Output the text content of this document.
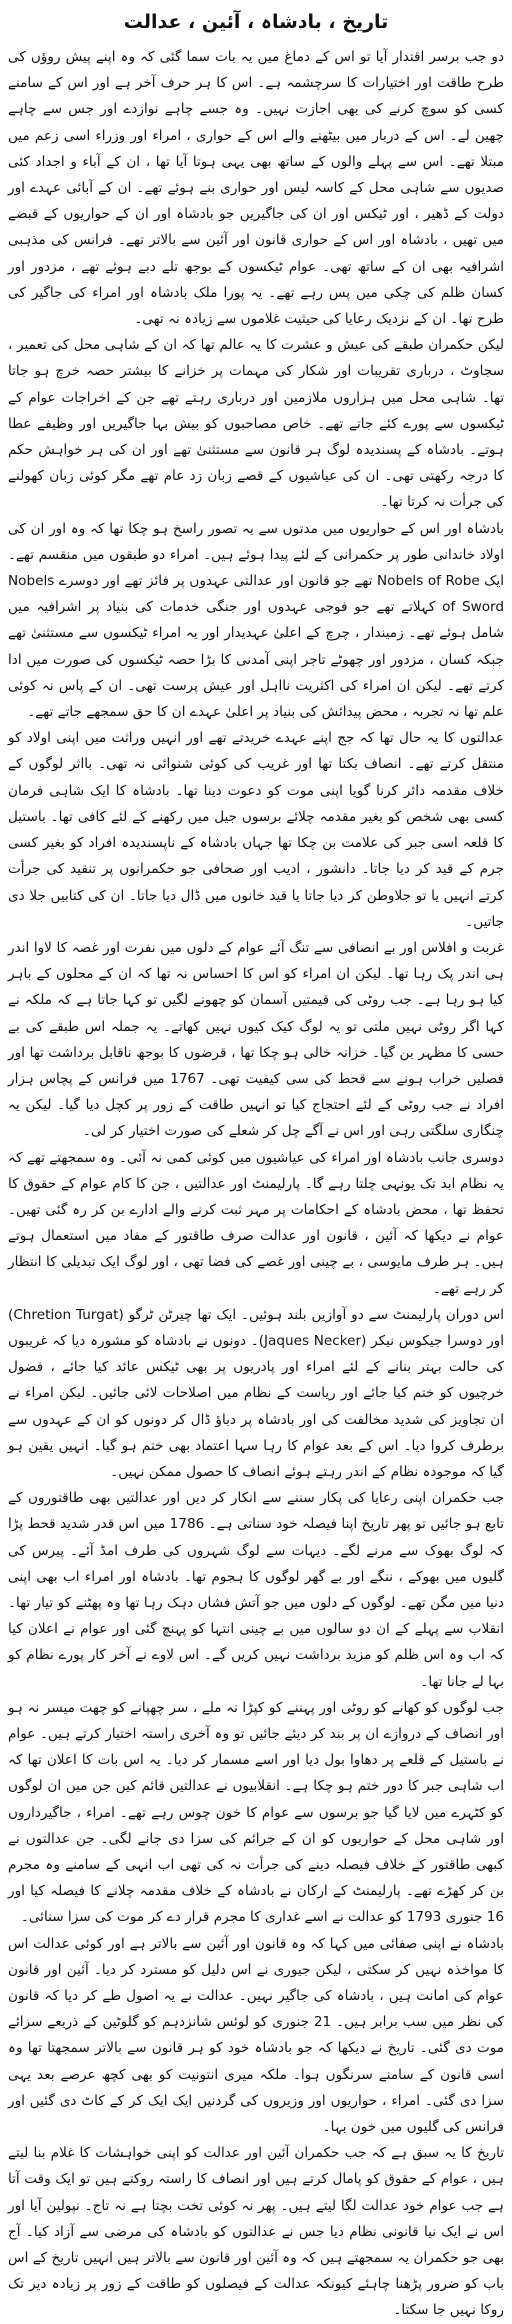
تاریخ ، بادشاہ ، آئین ، عدالت

دو جب برسر اقتدار آیا تو اس کے دماغ میں یہ بات سما گئی کہ وہ اپنے پیش روؤں کی طرح طاقت اور اختیارات کا سرچشمہ ہے۔ اس کا ہر حرف آخر ہے اور اس کے سامنے کسی کو سوچ کرنے کی بھی اجازت نہیں۔ وہ جسے چاہے نوازدے اور جس سے چاہے چھین لے۔ اس کے دربار میں بیٹھنے والے اس کے حواری ، امراء اور وزراء اسی زعم میں مبتلا تھے۔ اس سے پہلے والوں کے ساتھ بھی یہی ہوتا آیا تھا ، ان کے آباء و اجداد کئی صدیوں سے شاہی محل کے کاسہ لیس اور حواری بنے ہوئے تھے۔ ان کے آبائی عہدے اور دولت کے ڈھیر ، اور ٹیکس اور ان کی جاگیریں جو بادشاہ اور ان کے حواریوں کے قبضے میں تھیں ، بادشاہ اور اس کے حواری قانون اور آئین سے بالاتر تھے۔ فرانس کی مذہبی اشرافیہ بھی ان کے ساتھ تھی۔ عوام ٹیکسوں کے بوجھ تلے دبے ہوئے تھے ، مزدور اور کسان ظلم کی چکی میں پس رہے تھے۔ یہ پورا ملک بادشاہ اور امراء کی جاگیر کی طرح تھا۔ ان کے نزدیک رعایا کی حیثیت غلاموں سے زیادہ نہ تھی۔

لیکن حکمران طبقے کی عیش و عشرت کا یہ عالم تھا کہ ان کے شاہی محل کی تعمیر ، سجاوٹ ، درباری تقریبات اور شکار کی مہمات پر خزانے کا بیشتر حصہ خرچ ہو جاتا تھا۔ شاہی محل میں ہزاروں ملازمین اور درباری رہتے تھے جن کے اخراجات عوام کے ٹیکسوں سے پورے کئے جاتے تھے۔ خاص مصاحبوں کو بیش بہا جاگیریں اور وظیفے عطا ہوتے۔ بادشاہ کے پسندیدہ لوگ ہر قانون سے مستثنیٰ تھے اور ان کی ہر خواہش حکم کا درجہ رکھتی تھی۔ ان کی عیاشیوں کے قصے زبان زد عام تھے مگر کوئی زبان کھولنے کی جرأت نہ کرتا تھا۔

بادشاہ اور اس کے حواریوں میں مدتوں سے یہ تصور راسخ ہو چکا تھا کہ وہ اور ان کی اولاد خاندانی طور پر حکمرانی کے لئے پیدا ہوئے ہیں۔ امراء دو طبقوں میں منقسم تھے۔ ایک Nobels of Robe تھے جو قانون اور عدالتی عہدوں پر فائز تھے اور دوسرے Nobels of Sword کہلاتے تھے جو فوجی عہدوں اور جنگی خدمات کی بنیاد پر اشرافیہ میں شامل ہوئے تھے۔ زمیندار ، چرچ کے اعلیٰ عہدیدار اور یہ امراء ٹیکسوں سے مستثنیٰ تھے جبکہ کسان ، مزدور اور چھوٹے تاجر اپنی آمدنی کا بڑا حصہ ٹیکسوں کی صورت میں ادا کرتے تھے۔ لیکن ان امراء کی اکثریت نااہل اور عیش پرست تھی۔ ان کے پاس نہ کوئی علم تھا نہ تجربہ ، محض پیدائش کی بنیاد پر اعلیٰ عہدے ان کا حق سمجھے جاتے تھے۔

عدالتوں کا یہ حال تھا کہ جج اپنے عہدے خریدتے تھے اور انہیں وراثت میں اپنی اولاد کو منتقل کرتے تھے۔ انصاف بکتا تھا اور غریب کی کوئی شنوائی نہ تھی۔ بااثر لوگوں کے خلاف مقدمہ دائر کرنا گویا اپنی موت کو دعوت دینا تھا۔ بادشاہ کا ایک شاہی فرمان کسی بھی شخص کو بغیر مقدمہ چلائے برسوں جیل میں رکھنے کے لئے کافی تھا۔ باستیل کا قلعہ اسی جبر کی علامت بن چکا تھا جہاں بادشاہ کے ناپسندیدہ افراد کو بغیر کسی جرم کے قید کر دیا جاتا۔ دانشور ، ادیب اور صحافی جو حکمرانوں پر تنقید کی جرأت کرتے انہیں یا تو جلاوطن کر دیا جاتا یا قید خانوں میں ڈال دیا جاتا۔ ان کی کتابیں جلا دی جاتیں۔

غربت و افلاس اور بے انصافی سے تنگ آئے عوام کے دلوں میں نفرت اور غصہ کا لاوا اندر ہی اندر پک رہا تھا۔ لیکن ان امراء کو اس کا احساس نہ تھا کہ ان کے محلوں کے باہر کیا ہو رہا ہے۔ جب روٹی کی قیمتیں آسمان کو چھونے لگیں تو کہا جاتا ہے کہ ملکہ نے کہا اگر روٹی نہیں ملتی تو یہ لوگ کیک کیوں نہیں کھاتے۔ یہ جملہ اس طبقے کی بے حسی کا مظہر بن گیا۔ خزانہ خالی ہو چکا تھا ، قرضوں کا بوجھ ناقابل برداشت تھا اور فصلیں خراب ہونے سے قحط کی سی کیفیت تھی۔ 1767 میں فرانس کے پچاس ہزار افراد نے جب روٹی کے لئے احتجاج کیا تو انہیں طاقت کے زور پر کچل دیا گیا۔ لیکن یہ چنگاری سلگتی رہی اور اس نے آگے چل کر شعلے کی صورت اختیار کر لی۔

دوسری جانب بادشاہ اور امراء کی عیاشیوں میں کوئی کمی نہ آئی۔ وہ سمجھتے تھے کہ یہ نظام ابد تک یونہی چلتا رہے گا۔ پارلیمنٹ اور عدالتیں ، جن کا کام عوام کے حقوق کا تحفظ تھا ، محض بادشاہ کے احکامات پر مہر ثبت کرنے والے ادارے بن کر رہ گئی تھیں۔ عوام نے دیکھا کہ آئین ، قانون اور عدالت صرف طاقتور کے مفاد میں استعمال ہوتے ہیں۔ ہر طرف مایوسی ، بے چینی اور غصے کی فضا تھی ، اور لوگ ایک تبدیلی کا انتظار کر رہے تھے۔

اس دوران پارلیمنٹ سے دو آوازیں بلند ہوئیں۔ ایک تھا چیرٹن ٹرگو (Chretion Turgat) اور دوسرا جیکوس نیکر (Jaques Necker)۔ دونوں نے بادشاہ کو مشورہ دیا کہ غریبوں کی حالت بہتر بنانے کے لئے امراء اور پادریوں پر بھی ٹیکس عائد کیا جائے ، فضول خرچیوں کو ختم کیا جائے اور ریاست کے نظام میں اصلاحات لائی جائیں۔ لیکن امراء نے ان تجاویز کی شدید مخالفت کی اور بادشاہ پر دباؤ ڈال کر دونوں کو ان کے عہدوں سے برطرف کروا دیا۔ اس کے بعد عوام کا رہا سہا اعتماد بھی ختم ہو گیا۔ انہیں یقین ہو گیا کہ موجودہ نظام کے اندر رہتے ہوئے انصاف کا حصول ممکن نہیں۔

جب حکمران اپنی رعایا کی پکار سننے سے انکار کر دیں اور عدالتیں بھی طاقتوروں کے تابع ہو جائیں تو پھر تاریخ اپنا فیصلہ خود سناتی ہے۔ 1786 میں اس قدر شدید قحط پڑا کہ لوگ بھوک سے مرنے لگے۔ دیہات سے لوگ شہروں کی طرف امڈ آئے۔ پیرس کی گلیوں میں بھوکے ، ننگے اور بے گھر لوگوں کا ہجوم تھا۔ بادشاہ اور امراء اب بھی اپنی دنیا میں مگن تھے۔ لوگوں کے دلوں میں جو آتش فشاں دہک رہا تھا وہ پھٹنے کو تیار تھا۔ انقلاب سے پہلے کے ان دو سالوں میں بے چینی انتہا کو پہنچ گئی اور عوام نے اعلان کیا کہ اب وہ اس ظلم کو مزید برداشت نہیں کریں گے۔ اس لاوے نے آخر کار پورے نظام کو بہا لے جانا تھا۔

جب لوگوں کو کھانے کو روٹی اور پہننے کو کپڑا نہ ملے ، سر چھپانے کو چھت میسر نہ ہو اور انصاف کے دروازے ان پر بند کر دیئے جائیں تو وہ آخری راستہ اختیار کرتے ہیں۔ عوام نے باستیل کے قلعے پر دھاوا بول دیا اور اسے مسمار کر دیا۔ یہ اس بات کا اعلان تھا کہ اب شاہی جبر کا دور ختم ہو چکا ہے۔ انقلابیوں نے عدالتیں قائم کیں جن میں ان لوگوں کو کٹہرے میں لایا گیا جو برسوں سے عوام کا خون چوس رہے تھے۔ امراء ، جاگیرداروں اور شاہی محل کے حواریوں کو ان کے جرائم کی سزا دی جانے لگی۔ جن عدالتوں نے کبھی طاقتور کے خلاف فیصلہ دینے کی جرأت نہ کی تھی اب انہی کے سامنے وہ مجرم بن کر کھڑے تھے۔ پارلیمنٹ کے ارکان نے بادشاہ کے خلاف مقدمہ چلانے کا فیصلہ کیا اور 16 جنوری 1793 کو عدالت نے اسے غداری کا مجرم قرار دے کر موت کی سزا سنائی۔

بادشاہ نے اپنی صفائی میں کہا کہ وہ قانون اور آئین سے بالاتر ہے اور کوئی عدالت اس کا مواخذہ نہیں کر سکتی ، لیکن جیوری نے اس دلیل کو مسترد کر دیا۔ آئین اور قانون عوام کی امانت ہیں ، بادشاہ کی جاگیر نہیں۔ عدالت نے یہ اصول طے کر دیا کہ قانون کی نظر میں سب برابر ہیں۔ 21 جنوری کو لوئس شانزدہم کو گلوٹین کے ذریعے سزائے موت دی گئی۔ تاریخ نے دیکھا کہ جو بادشاہ خود کو ہر قانون سے بالاتر سمجھتا تھا وہ اسی قانون کے سامنے سرنگوں ہوا۔ ملکہ میری انتونیت کو بھی کچھ عرصے بعد یہی سزا دی گئی۔ امراء ، حواریوں اور وزیروں کی گردنیں ایک ایک کر کے کاٹ دی گئیں اور فرانس کی گلیوں میں خون بہا۔

تاریخ کا یہ سبق ہے کہ جب حکمران آئین اور عدالت کو اپنی خواہشات کا غلام بنا لیتے ہیں ، عوام کے حقوق کو پامال کرتے ہیں اور انصاف کا راستہ روکتے ہیں تو ایک وقت آتا ہے جب عوام خود عدالت لگا لیتے ہیں۔ پھر نہ کوئی تخت بچتا ہے نہ تاج۔ نپولین آیا اور اس نے ایک نیا قانونی نظام دیا جس نے عدالتوں کو بادشاہ کی مرضی سے آزاد کیا۔ آج بھی جو حکمران یہ سمجھتے ہیں کہ وہ آئین اور قانون سے بالاتر ہیں انہیں تاریخ کے اس باب کو ضرور پڑھنا چاہئے کیونکہ عدالت کے فیصلوں کو طاقت کے زور پر زیادہ دیر تک روکا نہیں جا سکتا۔
